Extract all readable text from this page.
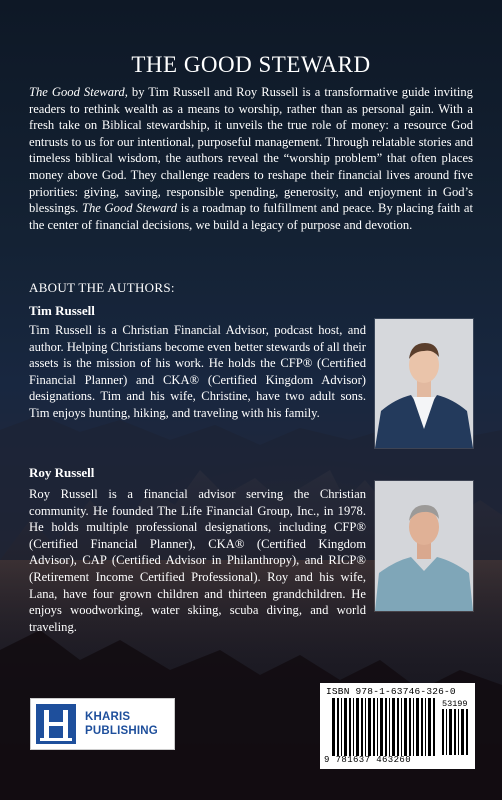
THE GOOD STEWARD

The Good Steward, by Tim Russell and Roy Russell is a transformative guide inviting readers to rethink wealth as a means to worship, rather than as personal gain. With a fresh take on Biblical stewardship, it unveils the true role of money: a resource God entrusts to us for our intentional, purposeful management. Through relatable stories and timeless biblical wisdom, the authors reveal the “worship problem” that often places money above God. They challenge readers to reshape their financial lives around five priorities: giving, saving, responsible spending, generosity, and enjoyment in God’s blessings. The Good Steward is a roadmap to fulfillment and peace. By placing faith at the center of financial decisions, we build a legacy of purpose and devotion.

ABOUT THE AUTHORS:
Tim Russell

Tim Russell is a Christian Financial Advisor, podcast host, and author. Helping Christians become even better stewards of all their assets is the mission of his work. He holds the CFP® (Certified Financial Planner) and CKA® (Certified Kingdom Advisor) designations. Tim and his wife, Christine, have two adult sons. Tim enjoys hunting, hiking, and traveling with his family.

Roy Russell

Roy Russell is a financial advisor serving the Christian community. He founded The Life Financial Group, Inc., in 1978. He holds multiple professional designations, including CFP® (Certified Financial Planner), CKA® (Certified Kingdom Advisor), CAP (Certified Advisor in Philanthropy), and RICP® (Retirement Income Certified Professional). Roy and his wife, Lana, have four grown children and thirteen grandchildren. He enjoys woodworking, water skiing, scuba diving, and world traveling.

KHARIS
PUBLISHING
ISBN 978-1-63746-326-0
53199
9 781637 463260
